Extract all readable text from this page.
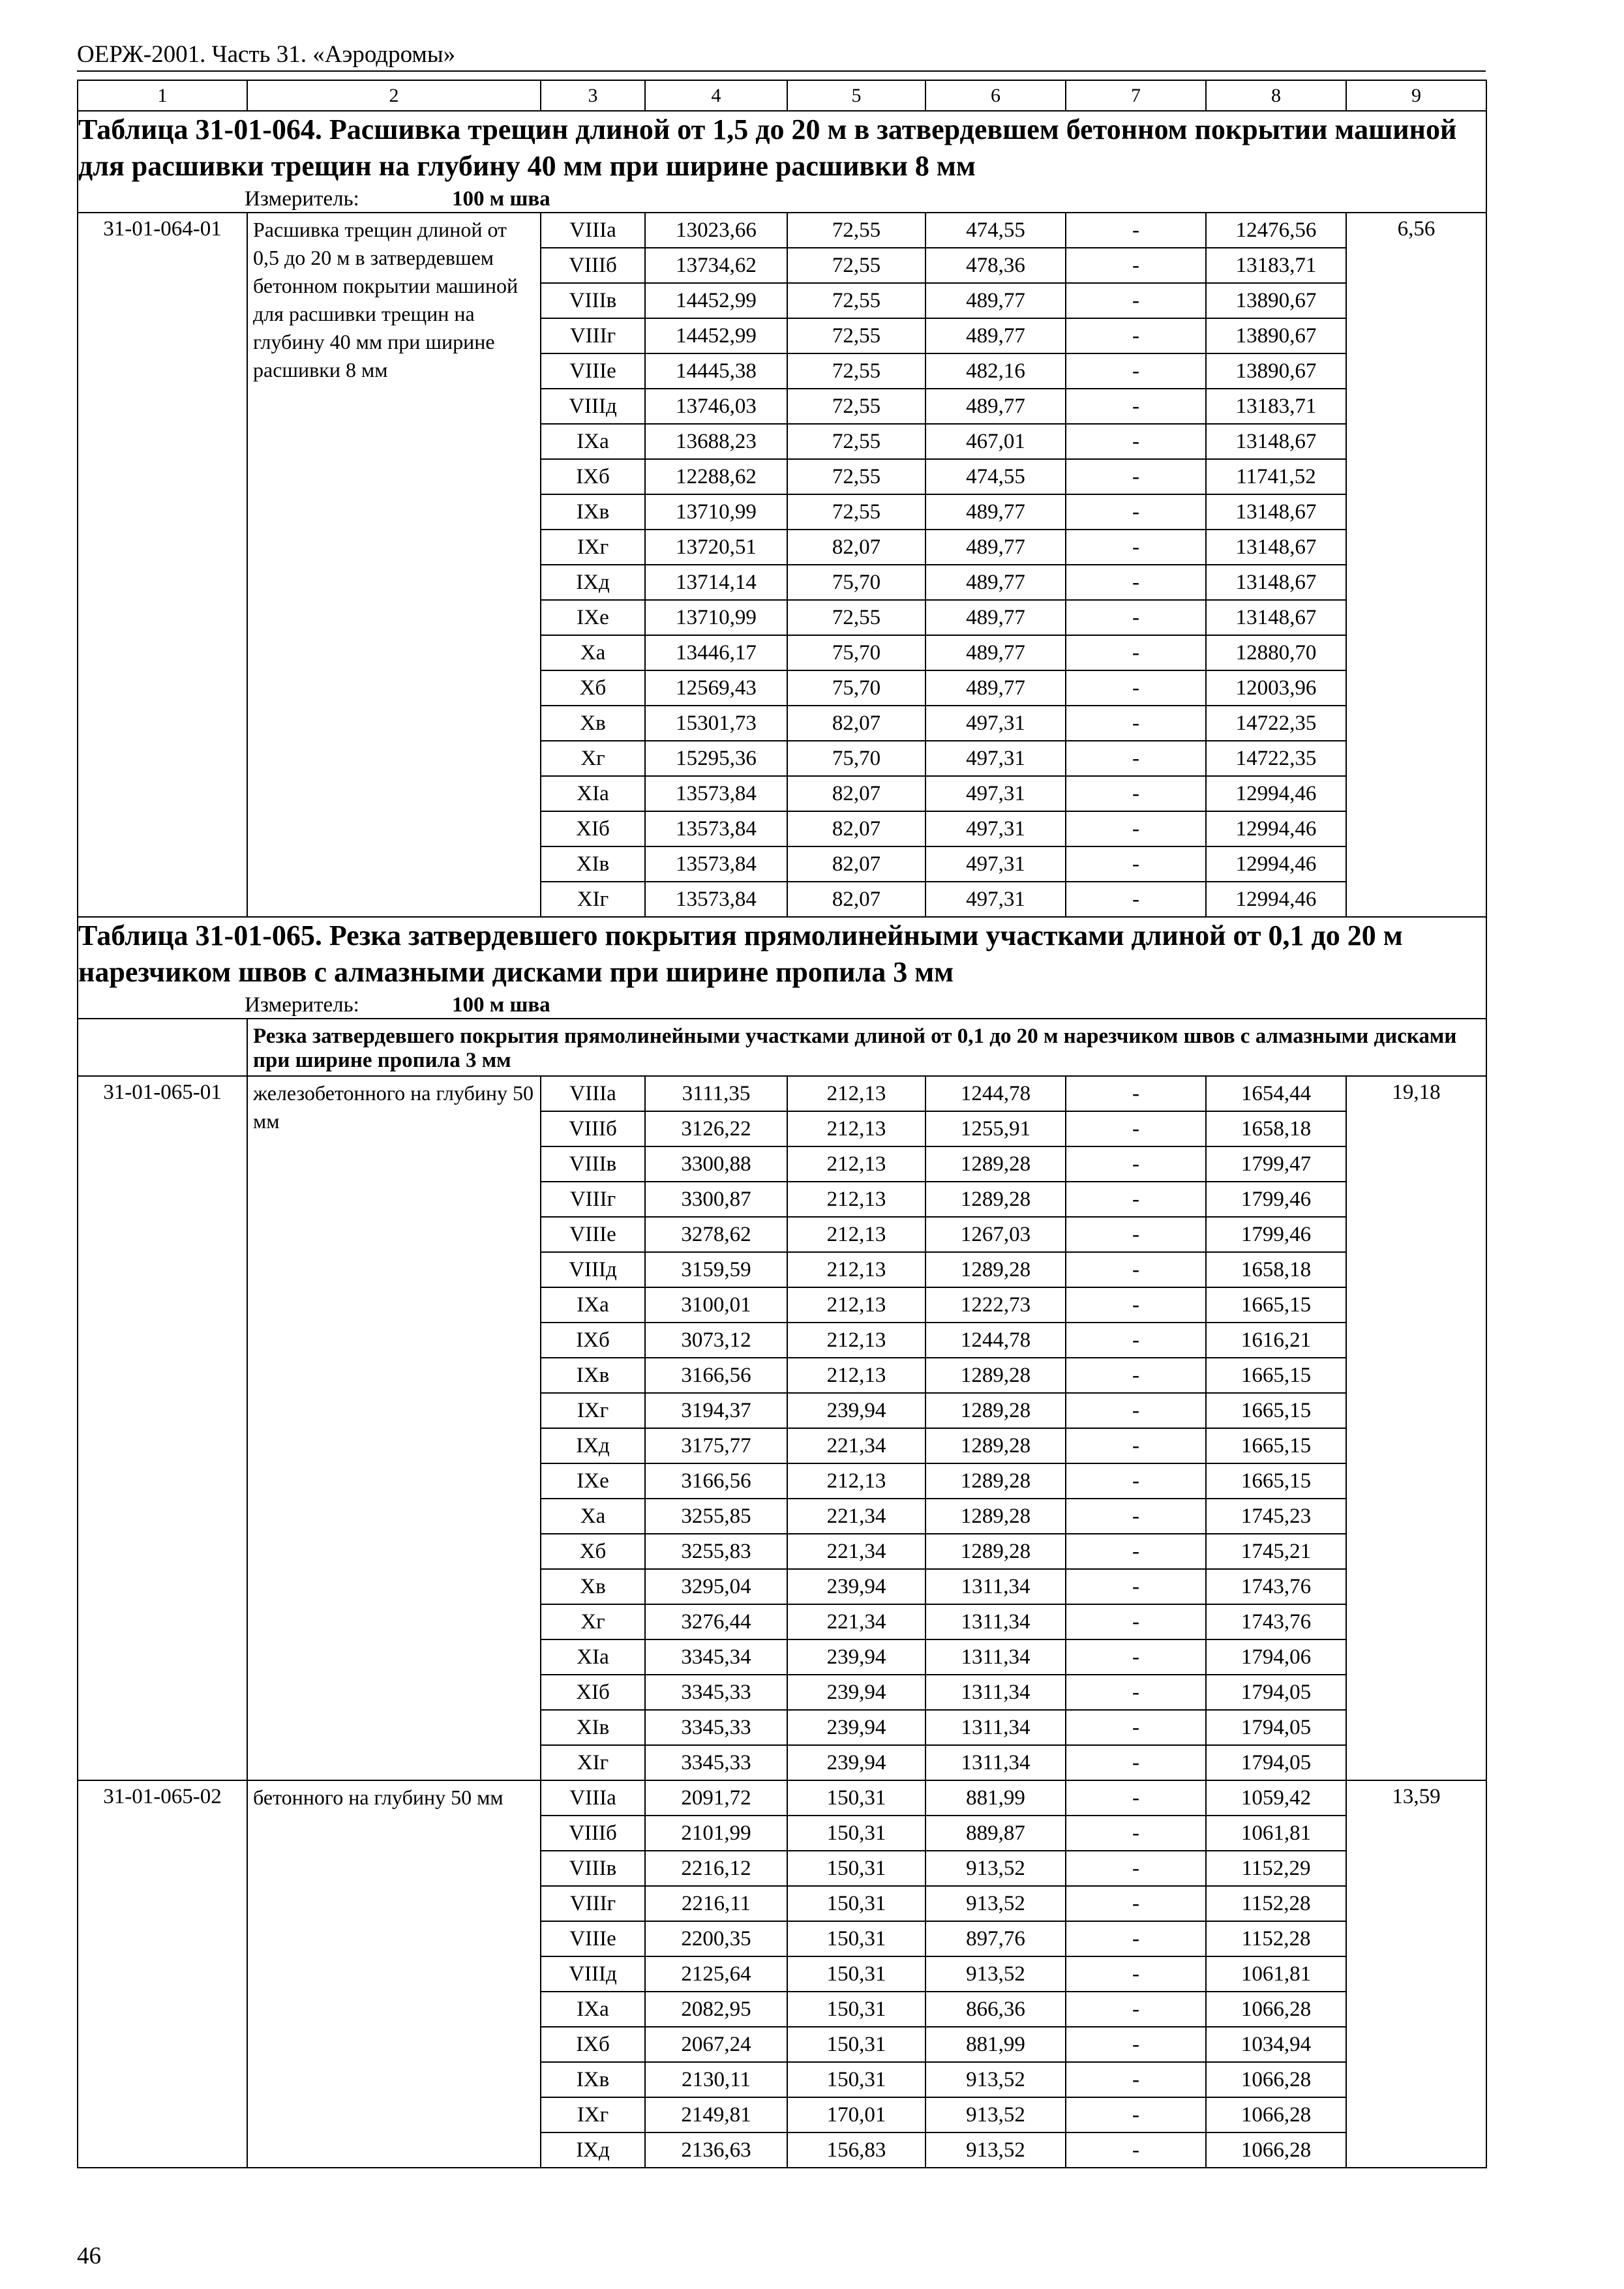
ОЕРЖ-2001. Часть 31. «Аэродромы»
1	2	3	4	5	6	7	8	9

Таблица 31-01-064. Расшивка трещин длиной от 1,5 до 20 м в затвердевшем бетонном покрытии машиной для расшивки трещин на глубину 40 мм при ширине расшивки 8 мм
Измеритель: 100 м шва								

31-01-064-01	Расшивка трещин длиной от 0,5 до 20 м в затвердевшем бетонном покрытии машиной для расшивки трещин на глубину 40 мм при ширине расшивки 8 мм	VIIIа	13023,66	72,55	474,55	-	12476,56	6,56
		VIIIб	13734,62	72,55	478,36	-	13183,71	
		VIIIв	14452,99	72,55	489,77	-	13890,67	
		VIIIг	14452,99	72,55	489,77	-	13890,67	
		VIIIе	14445,38	72,55	482,16	-	13890,67	
		VIIIд	13746,03	72,55	489,77	-	13183,71	
		IXа	13688,23	72,55	467,01	-	13148,67	
		IXб	12288,62	72,55	474,55	-	11741,52	
		IXв	13710,99	72,55	489,77	-	13148,67	
		IXг	13720,51	82,07	489,77	-	13148,67	
		IXд	13714,14	75,70	489,77	-	13148,67	
		IXе	13710,99	72,55	489,77	-	13148,67	
		Xа	13446,17	75,70	489,77	-	12880,70	
		Xб	12569,43	75,70	489,77	-	12003,96	
		Xв	15301,73	82,07	497,31	-	14722,35	
		Xг	15295,36	75,70	497,31	-	14722,35	
		XIа	13573,84	82,07	497,31	-	12994,46	
		XIб	13573,84	82,07	497,31	-	12994,46	
		XIв	13573,84	82,07	497,31	-	12994,46	
		XIг	13573,84	82,07	497,31	-	12994,46	

Таблица 31-01-065. Резка затвердевшего покрытия прямолинейными участками длиной от 0,1 до 20 м нарезчиком швов с алмазными дисками при ширине пропила 3 мм
Измеритель: 100 м шва								

	Резка затвердевшего покрытия прямолинейными участками длиной от 0,1 до 20 м нарезчиком швов с алмазными дисками при ширине пропила 3 мм							
31-01-065-01	железобетонного на глубину 50 мм	VIIIа	3111,35	212,13	1244,78	-	1654,44	19,18
		VIIIб	3126,22	212,13	1255,91	-	1658,18	
		VIIIв	3300,88	212,13	1289,28	-	1799,47	
		VIIIг	3300,87	212,13	1289,28	-	1799,46	
		VIIIе	3278,62	212,13	1267,03	-	1799,46	
		VIIIд	3159,59	212,13	1289,28	-	1658,18	
		IXа	3100,01	212,13	1222,73	-	1665,15	
		IXб	3073,12	212,13	1244,78	-	1616,21	
		IXв	3166,56	212,13	1289,28	-	1665,15	
		IXг	3194,37	239,94	1289,28	-	1665,15	
		IXд	3175,77	221,34	1289,28	-	1665,15	
		IXе	3166,56	212,13	1289,28	-	1665,15	
		Xа	3255,85	221,34	1289,28	-	1745,23	
		Xб	3255,83	221,34	1289,28	-	1745,21	
		Xв	3295,04	239,94	1311,34	-	1743,76	
		Xг	3276,44	221,34	1311,34	-	1743,76	
		XIа	3345,34	239,94	1311,34	-	1794,06	
		XIб	3345,33	239,94	1311,34	-	1794,05	
		XIв	3345,33	239,94	1311,34	-	1794,05	
		XIг	3345,33	239,94	1311,34	-	1794,05	
31-01-065-02	бетонного на глубину 50 мм	VIIIа	2091,72	150,31	881,99	-	1059,42	13,59
		VIIIб	2101,99	150,31	889,87	-	1061,81	
		VIIIв	2216,12	150,31	913,52	-	1152,29	
		VIIIг	2216,11	150,31	913,52	-	1152,28	
		VIIIе	2200,35	150,31	897,76	-	1152,28	
		VIIIд	2125,64	150,31	913,52	-	1061,81	
		IXа	2082,95	150,31	866,36	-	1066,28	
		IXб	2067,24	150,31	881,99	-	1034,94	
		IXв	2130,11	150,31	913,52	-	1066,28	
		IXг	2149,81	170,01	913,52	-	1066,28	
		IXд	2136,63	156,83	913,52	-	1066,28	
46
